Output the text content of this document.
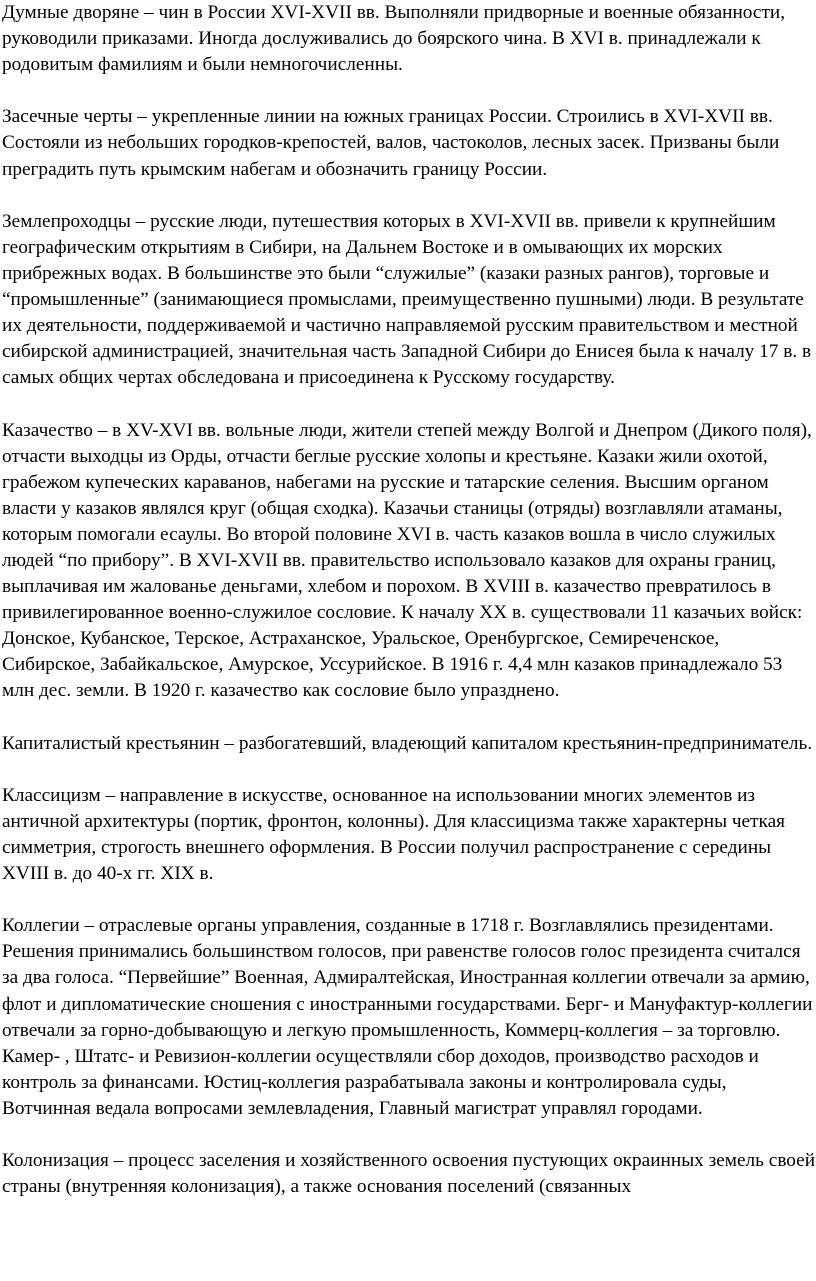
Думные дворяне – чин в России XVI-XVII вв. Выполняли придворные и военные обязанности, руководили приказами. Иногда дослуживались до боярского чина. В XVI в. принадлежали к родовитым фамилиям и были немногочисленны.

Засечные черты – укрепленные линии на южных границах России. Строились в XVI-XVII вв. Состояли из небольших городков-крепостей, валов, частоколов, лесных засек. Призваны были преградить путь крымским набегам и обозначить границу России.

Землепроходцы – русские люди, путешествия которых в XVI-XVII вв. привели к крупнейшим географическим открытиям в Сибири, на Дальнем Востоке и в омывающих их морских прибрежных водах. В большинстве это были “служилые” (казаки разных рангов), торговые и “промышленные” (занимающиеся промыслами, преимущественно пушными) люди. В результате их деятельности, поддерживаемой и частично направляемой русским правительством и местной сибирской администрацией, значительная часть Западной Сибири до Енисея была к началу 17 в. в самых общих чертах обследована и присоединена к Русскому государству.

Казачество – в XV-XVI вв. вольные люди, жители степей между Волгой и Днепром (Дикого поля), отчасти выходцы из Орды, отчасти беглые русские холопы и крестьяне. Казаки жили охотой, грабежом купеческих караванов, набегами на русские и татарские селения. Высшим органом власти у казаков являлся круг (общая сходка). Казачьи станицы (отряды) возглавляли атаманы, которым помогали есаулы. Во второй половине XVI в. часть казаков вошла в число служилых людей “по прибору”. В XVI-XVII вв. правительство использовало казаков для охраны границ, выплачивая им жалованье деньгами, хлебом и порохом. В XVIII в. казачество превратилось в привилегированное военно-служилое сословие. К началу XX в. существовали 11 казачьих войск: Донское, Кубанское, Терское, Астраханское, Уральское, Оренбургское, Семиреченское, Сибирское, Забайкальское, Амурское, Уссурийское. В 1916 г. 4,4 млн казаков принадлежало 53 млн дес. земли. В 1920 г. казачество как сословие было упразднено.

Капиталистый крестьянин – разбогатевший, владеющий капиталом крестьянин-предприниматель.

Классицизм – направление в искусстве, основанное на использовании многих элементов из античной архитектуры (портик, фронтон, колонны). Для классицизма также характерны четкая симметрия, строгость внешнего оформления. В России получил распространение с середины XVIII в. до 40-х гг. XIX в.

Коллегии – отраслевые органы управления, созданные в 1718 г. Возглавлялись президентами. Решения принимались большинством голосов, при равенстве голосов голос президента считался за два голоса. “Первейшие” Военная, Адмиралтейская, Иностранная коллегии отвечали за армию, флот и дипломатические сношения с иностранными государствами. Берг- и Мануфактур-коллегии отвечали за горно-добывающую и легкую промышленность, Коммерц-коллегия – за торговлю. Камер- , Штатс- и Ревизион-коллегии осуществляли сбор доходов, производство расходов и контроль за финансами. Юстиц-коллегия разрабатывала законы и контролировала суды, Вотчинная ведала вопросами землевладения, Главный магистрат управлял городами.

Колонизация – процесс заселения и хозяйственного освоения пустующих окраинных земель своей страны (внутренняя колонизация), а также основания поселений (связанных
